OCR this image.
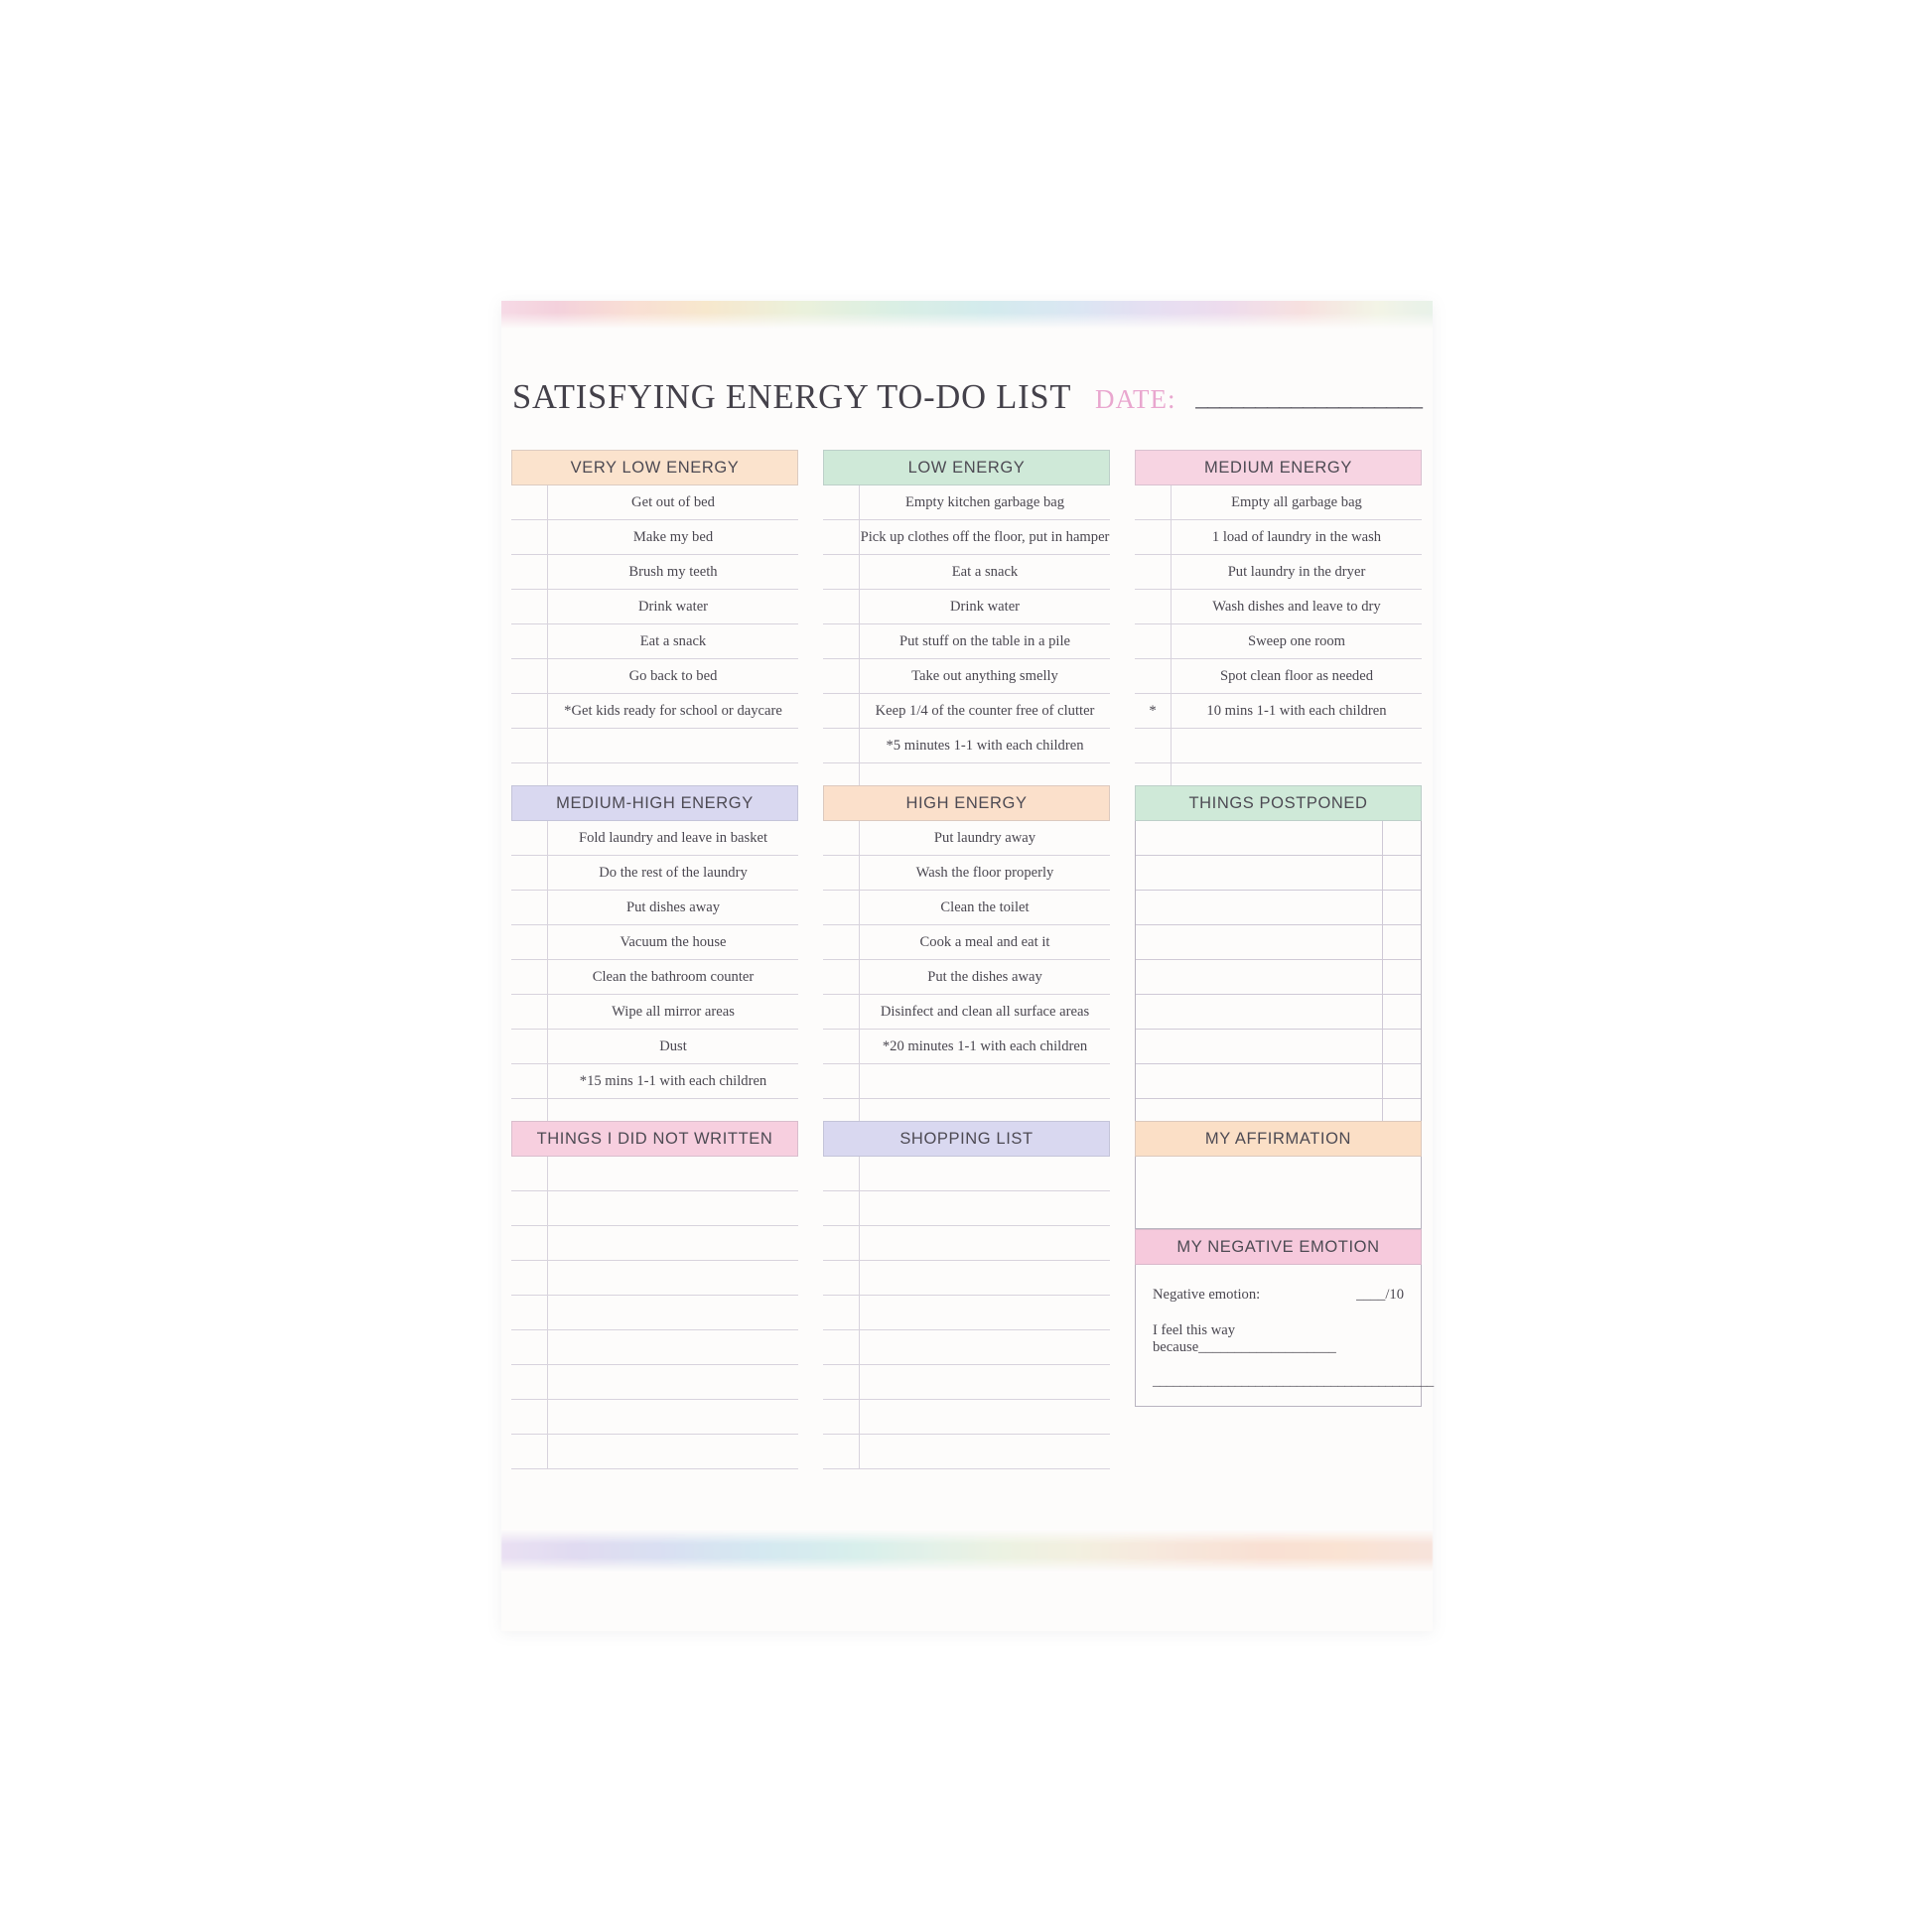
SATISFYING ENERGY TO-DO LIST DATE: ___________________
VERY LOW ENERGY
	Get out of bed
	Make my bed
	Brush my teeth
	Drink water
	Eat a snack
	Go back to bed
	*Get kids ready for school or daycare

LOW ENERGY
	Empty kitchen garbage bag
	Pick up clothes off the floor, put in hamper
	Eat a snack
	Drink water
	Put stuff on the table in a pile
	Take out anything smelly
	Keep 1/4 of the counter free of clutter
	*5 minutes 1-1 with each children

MEDIUM ENERGY
	Empty all garbage bag
	1 load of laundry in the wash
	Put laundry in the dryer
	Wash dishes and leave to dry
	Sweep one room
	Spot clean floor as needed
*	10 mins 1-1 with each children

MEDIUM-HIGH ENERGY
	Fold laundry and leave in basket
	Do the rest of the laundry
	Put dishes away
	Vacuum the house
	Clean the bathroom counter
	Wipe all mirror areas
	Dust
	*15 mins 1-1 with each children

HIGH ENERGY
	Put laundry away
	Wash the floor properly
	Clean the toilet
	Cook a meal and eat it
	Put the dishes away
	Disinfect and clean all surface areas
	*20 minutes 1-1 with each children

THINGS POSTPONED

THINGS I DID NOT WRITTEN

		SHOPPING LIST

		MY AFFIRMATION
MY NEGATIVE EMOTION
Negative emotion:	____/10
I feel this way because___________________
_________________________________________
